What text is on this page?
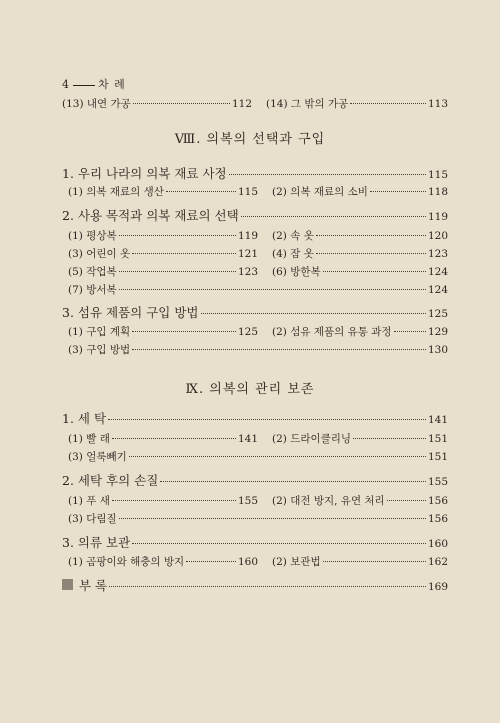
4	차 례
(13) 내연 가공	112 (14) 그 밖의 가공	113
Ⅷ. 의복의 선택과 구입
1. 우리 나라의 의복 재료 사정	115
(1) 의복 재료의 생산	115 (2) 의복 재료의 소비	118
2. 사용 목적과 의복 재료의 선택	119
(1) 평상복	119 (2) 속 옷	120
(3) 어린이 옷	121 (4) 잠 옷	123
(5) 작업복	123 (6) 방한복	124
(7) 방서복	124
3. 섬유 제품의 구입 방법	125
(1) 구입 계획	125 (2) 섬유 제품의 유통 과정	129
(3) 구입 방법	130
Ⅸ. 의복의 관리 보존
1. 세 탁	141
(1) 빨 래	141 (2) 드라이클리닝	151
(3) 얼룩빼기	151
2. 세탁 후의 손질	155
(1) 푸 새	155 (2) 대전 방지, 유연 처리	156
(3) 다림질	156
3. 의류 보관	160
(1) 곰팡이와 해충의 방지	160 (2) 보관법	162
부 록	169
